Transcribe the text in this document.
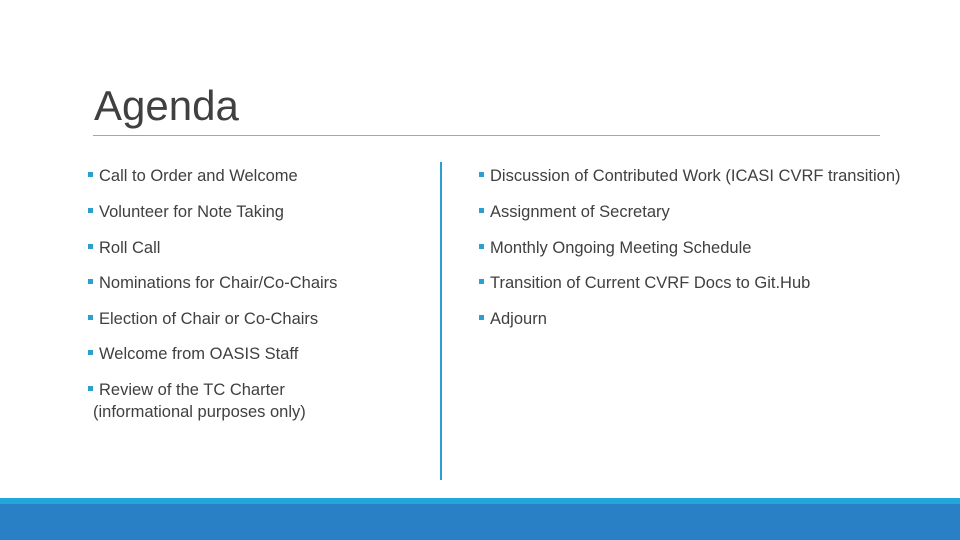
Agenda
Call to Order and Welcome
Volunteer for Note Taking
Roll Call
Nominations for Chair/Co-Chairs
Election of Chair or Co-Chairs
Welcome from OASIS Staff
Review of the TC Charter
(informational purposes only)
Discussion of Contributed Work (ICASI CVRF transition)
Assignment of Secretary
Monthly Ongoing Meeting Schedule
Transition of Current CVRF Docs to Git.Hub
Adjourn
